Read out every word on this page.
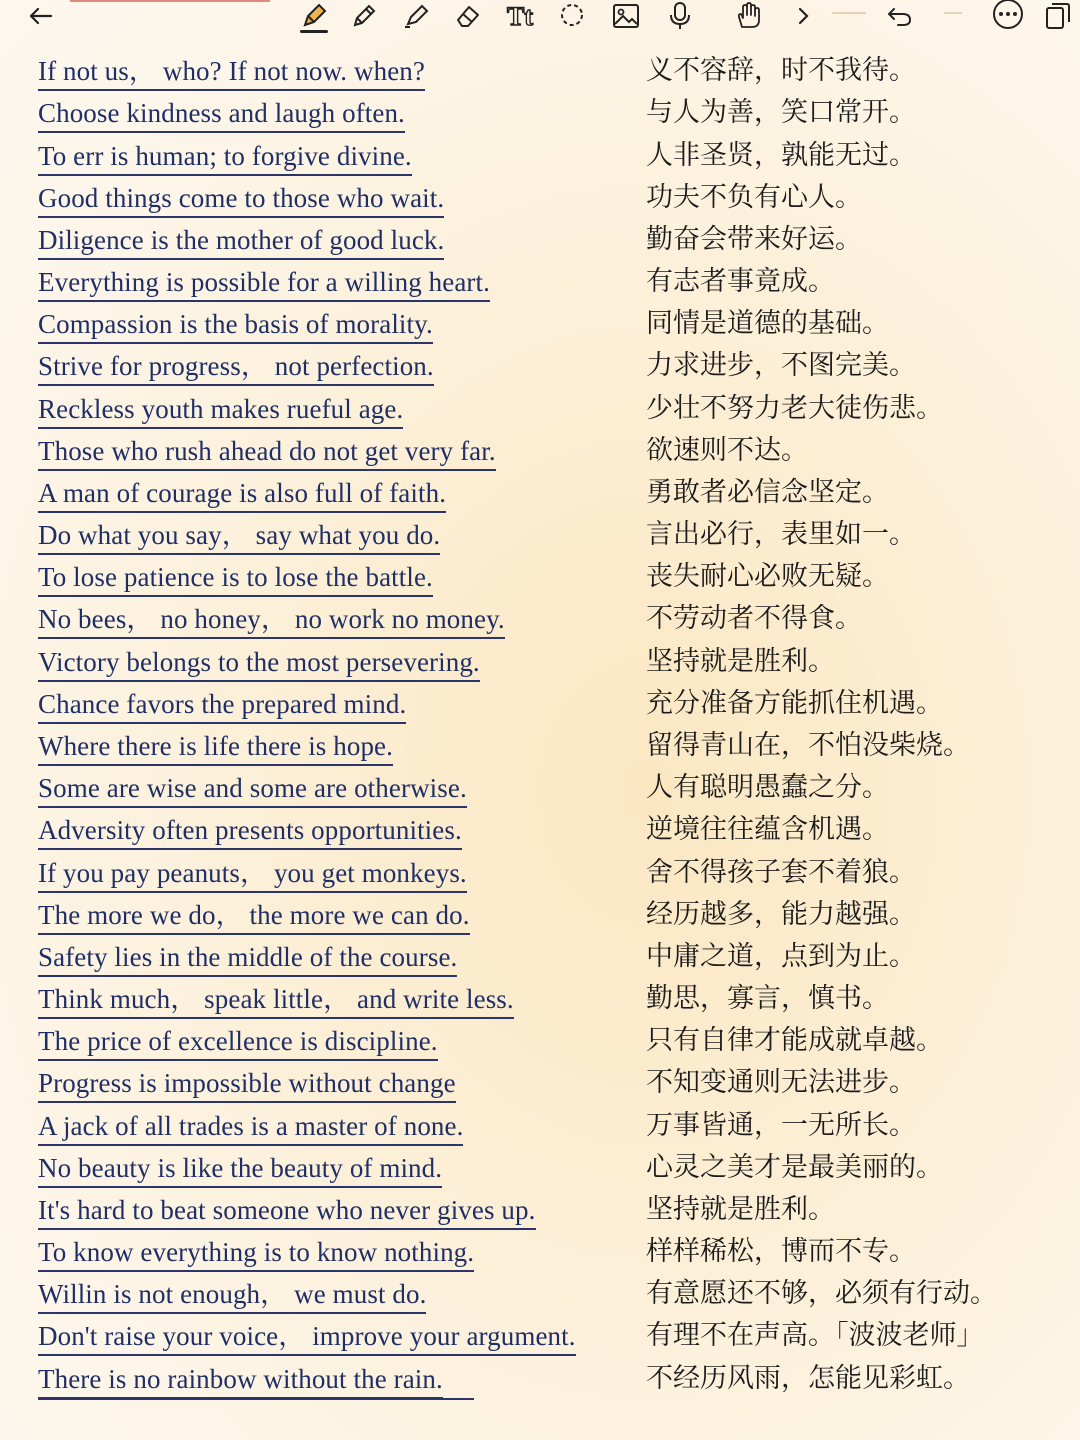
Tt
If not us， who? If not now. when?	义不容辞，时不我待。
Choose kindness and laugh often.	与人为善，笑口常开。
To err is human; to forgive divine.	人非圣贤，孰能无过。
Good things come to those who wait.	功夫不负有心人。
Diligence is the mother of good luck.	勤奋会带来好运。
Everything is possible for a willing heart.	有志者事竟成。
Compassion is the basis of morality.	同情是道德的基础。
Strive for progress， not perfection.	力求进步，不图完美。
Reckless youth makes rueful age.	少壮不努力老大徒伤悲。
Those who rush ahead do not get very far.	欲速则不达。
A man of courage is also full of faith.	勇敢者必信念坚定。
Do what you say， say what you do.	言出必行，表里如一。
To lose patience is to lose the battle.	丧失耐心必败无疑。
No bees， no honey， no work no money.	不劳动者不得食。
Victory belongs to the most persevering.	坚持就是胜利。
Chance favors the prepared mind.	充分准备方能抓住机遇。
Where there is life there is hope.	留得青山在，不怕没柴烧。
Some are wise and some are otherwise.	人有聪明愚蠢之分。
Adversity often presents opportunities.	逆境往往蕴含机遇。
If you pay peanuts， you get monkeys.	舍不得孩子套不着狼。
The more we do， the more we can do.	经历越多，能力越强。
Safety lies in the middle of the course.	中庸之道，点到为止。
Think much， speak little， and write less.	勤思，寡言，慎书。
The price of excellence is discipline.	只有自律才能成就卓越。
Progress is impossible without change	不知变通则无法进步。
A jack of all trades is a master of none.	万事皆通，一无所长。
No beauty is like the beauty of mind.	心灵之美才是最美丽的。
It's hard to beat someone who never gives up.	坚持就是胜利。
To know everything is to know nothing.	样样稀松，博而不专。
Willin is not enough， we must do.	有意愿还不够，必须有行动。
Don't raise your voice， improve your argument.	有理不在声高。「波波老师」
There is no rainbow without the rain.	不经历风雨，怎能见彩虹。
